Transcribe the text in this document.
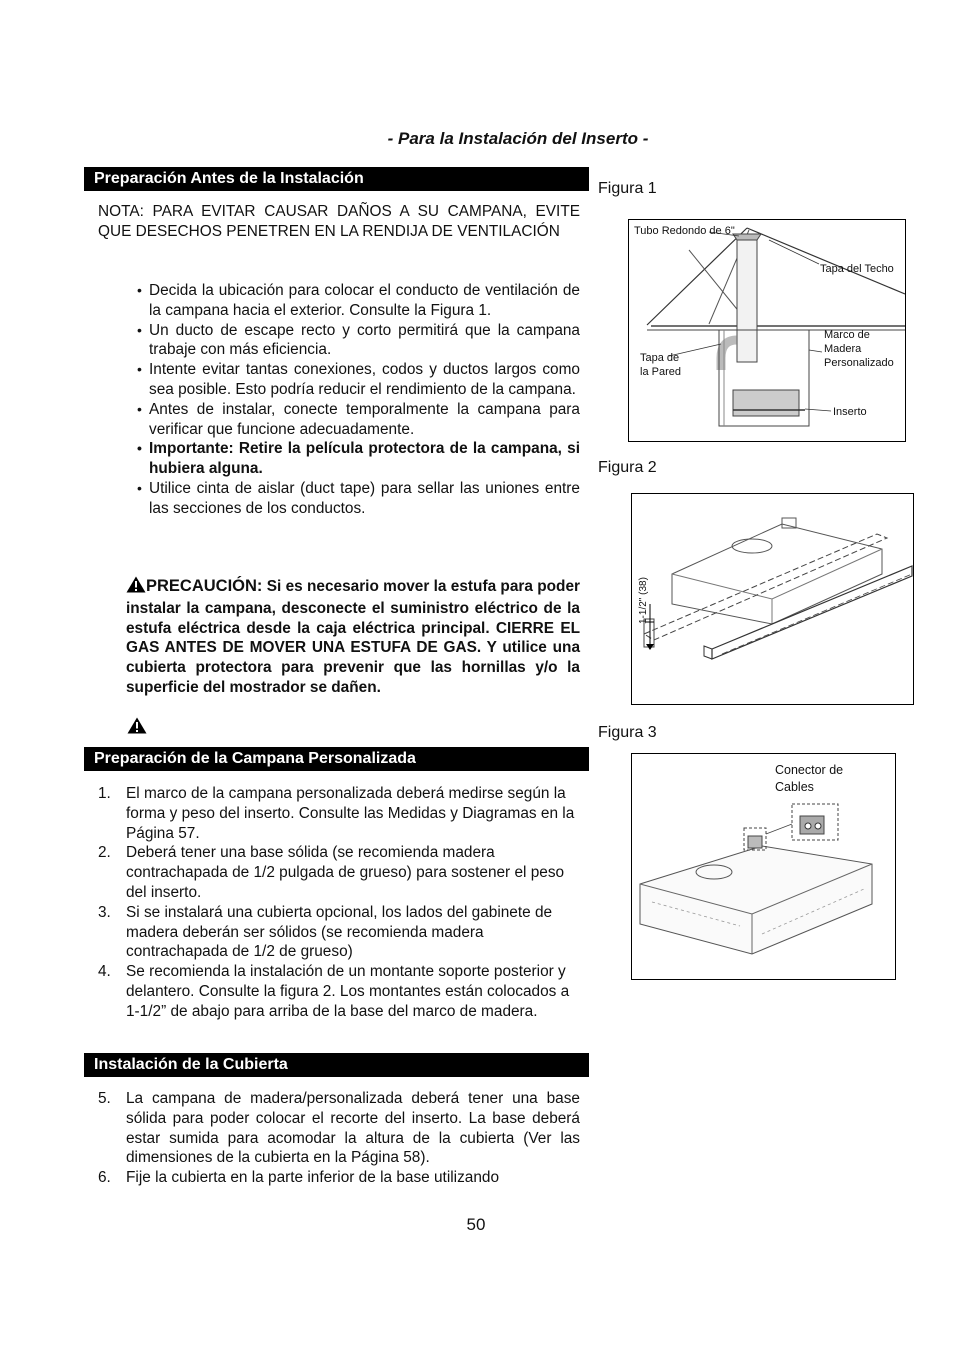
- Para la Instalación del Inserto -
Preparación Antes de la Instalación
NOTA: PARA EVITAR CAUSAR DAÑOS A SU CAMPANA, EVITE QUE DESECHOS PENETREN EN LA RENDIJA DE VENTILACIÓN
• Decida la ubicación para colocar el conducto de ventilación de la campana hacia el exterior. Consulte la Figura 1.
• Un ducto de escape recto y corto permitirá que la campana trabaje con más eficiencia.
• Intente evitar tantas conexiones, codos y ductos largos como sea posible. Esto podría reducir el rendimiento de la campana.
• Antes de instalar, conecte temporalmente la campana para verificar que funcione adecuadamente.
• Importante: Retire la película protectora de la campana, si hubiera alguna.
• Utilice cinta de aislar (duct tape) para sellar las uniones entre las secciones de los conductos.
PRECAUCIÓN: Si es necesario mover la estufa para poder instalar la campana, desconecte el suministro eléctrico de la estufa eléctrica desde la caja eléctrica principal. CIERRE EL GAS ANTES DE MOVER UNA ESTUFA DE GAS. Y utilice una cubierta protectora para prevenir que las hornillas y/o la superficie del mostrador se dañen.
Preparación de la Campana Personalizada
1. El marco de la campana personalizada deberá medirse según la forma y peso del inserto. Consulte las Medidas y Diagramas en la Página 57.
2. Deberá tener una base sólida (se recomienda madera contrachapada de 1/2 pulgada de grueso) para sostener el peso del inserto.
3. Si se instalará una cubierta opcional, los lados del gabinete de madera deberán ser sólidos (se recomienda madera contrachapada de 1/2 de grueso)
4. Se recomienda la instalación de un montante soporte posterior y delantero. Consulte la figura 2. Los montantes están colocados a 1-1/2” de abajo para arriba de la base del marco de madera.
Instalación de la Cubierta
5. La campana de madera/personalizada deberá tener una base sólida para poder colocar el recorte del inserto. La base deberá estar sumida para acomodar la altura de la cubierta (Ver las dimensiones de la cubierta en la Página 58).
6. Fije la cubierta en la parte inferior de la base utilizando
Figura 1
Tubo Redondo de 6"
Tapa del Techo
Marco de
Madera
Personalizado
Tapa de
la Pared
Inserto
Figura 2
1-1/2" (38)
Figura 3
Conector de
Cables
50
